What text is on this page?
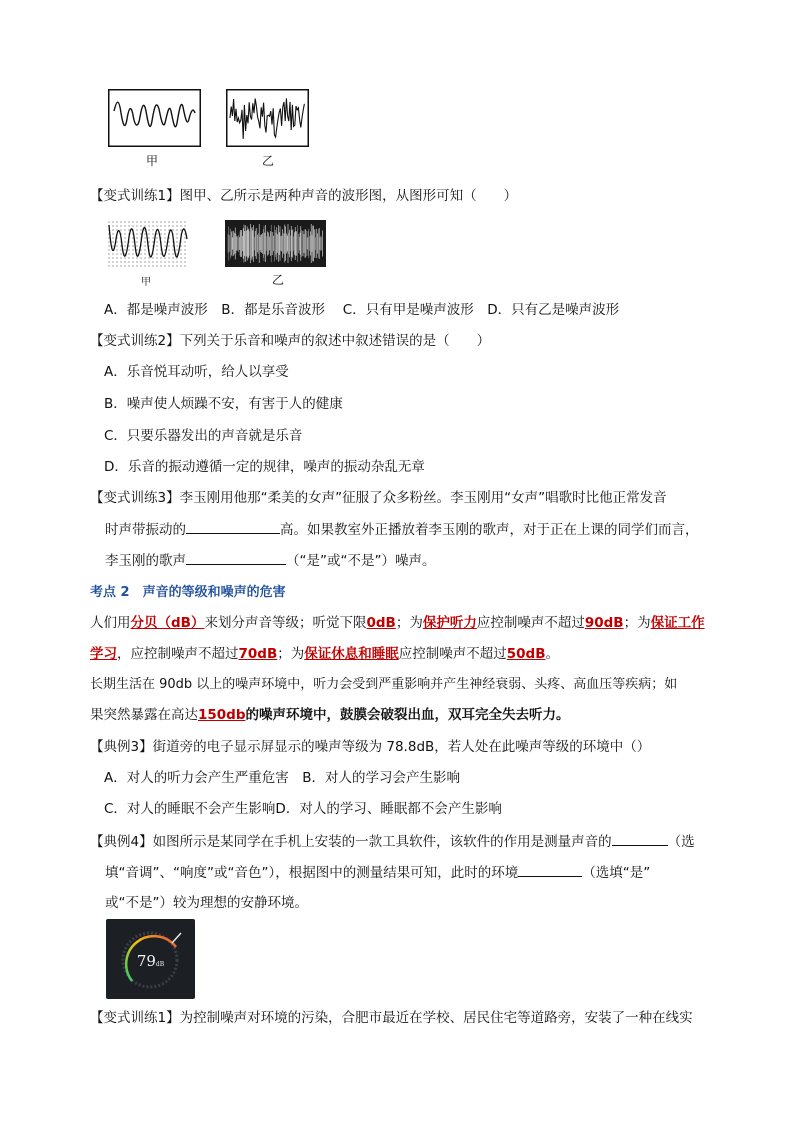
甲	乙
【变式训练1】图甲、乙所示是两种声音的波形图，从图形可知（　　）
甲	乙
A．都是噪声波形　B．都是乐音波形　 C．只有甲是噪声波形　D．只有乙是噪声波形
【变式训练2】下列关于乐音和噪声的叙述中叙述错误的是（　　）
A．乐音悦耳动听，给人以享受
B．噪声使人烦躁不安，有害于人的健康
C．只要乐器发出的声音就是乐音
D．乐音的振动遵循一定的规律，噪声的振动杂乱无章
【变式训练3】李玉刚用他那“柔美的女声”征服了众多粉丝。李玉刚用“女声”唱歌时比他正常发音
时声带振动的	高。如果教室外正播放着李玉刚的歌声，对于正在上课的同学们而言，
李玉刚的歌声	（“是”或“不是”）噪声。
考点 2　声音的等级和噪声的危害
人们用分贝（dB）来划分声音等级；听觉下限0dB；为保护听力应控制噪声不超过90dB；为保证工作
学习，应控制噪声不超过70dB；为保证休息和睡眠应控制噪声不超过50dB。
长期生活在 90db 以上的噪声环境中，听力会受到严重影响并产生神经衰弱、头疼、高血压等疾病；如
果突然暴露在高达150db的噪声环境中，鼓膜会破裂出血，双耳完全失去听力。
【典例3】街道旁的电子显示屏显示的噪声等级为 78.8dB，若人处在此噪声等级的环境中（）
A．对人的听力会产生严重危害　B．对人的学习会产生影响
C．对人的睡眠不会产生影响D．对人的学习、睡眠都不会产生影响
【典例4】如图所示是某同学在手机上安装的一款工具软件，该软件的作用是测量声音的	（选
填“音调”、“响度”或“音色”），根据图中的测量结果可知，此时的环境	（选填“是”
或“不是”）较为理想的安静环境。
79dB
【变式训练1】为控制噪声对环境的污染，合肥市最近在学校、居民住宅等道路旁，安装了一种在线实
